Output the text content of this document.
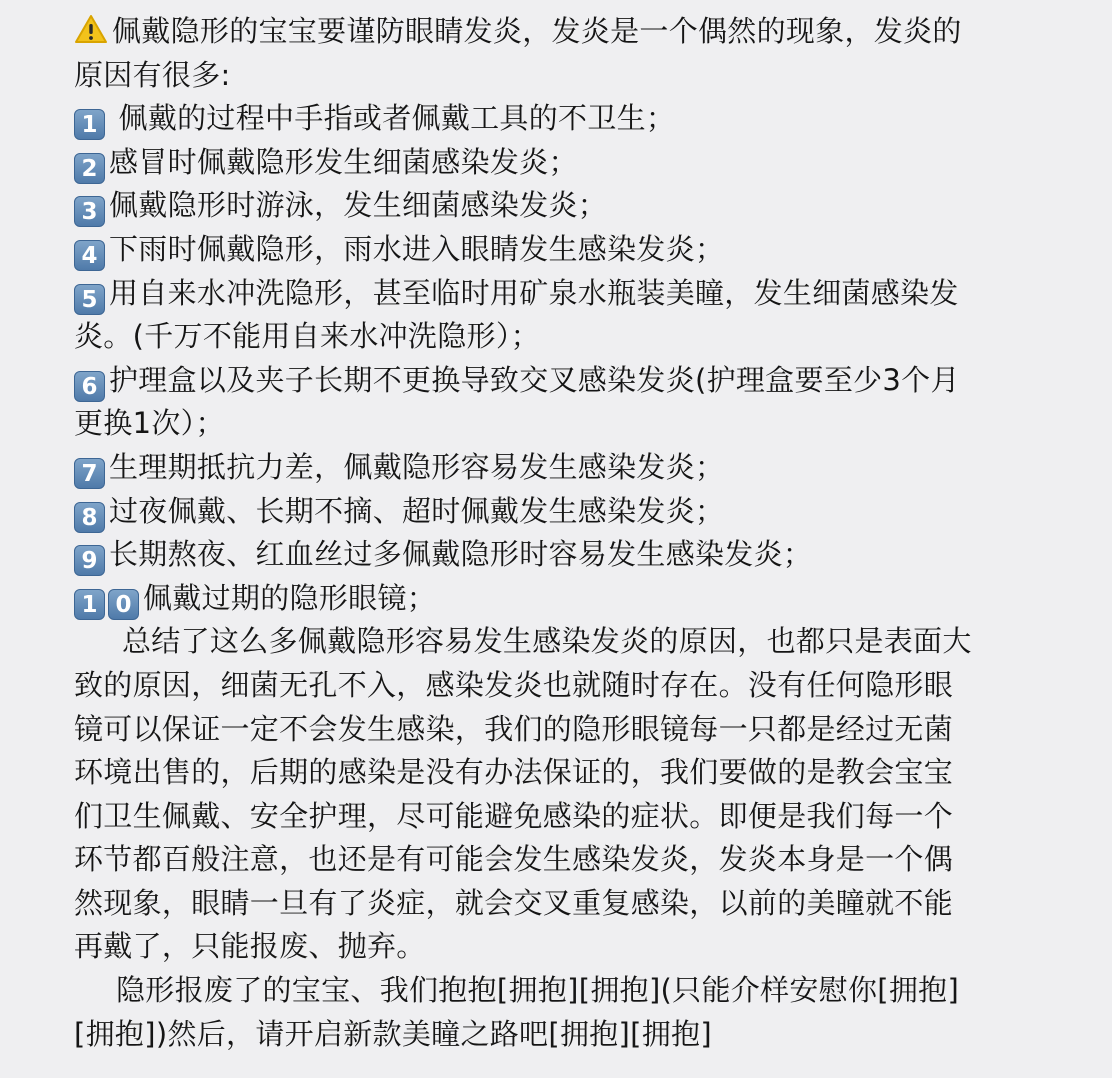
佩戴隐形的宝宝要谨防眼睛发炎，发炎是一个偶然的现象，发炎的
原因有很多:
1 佩戴的过程中手指或者佩戴工具的不卫生；
2 感冒时佩戴隐形发生细菌感染发炎；
3 佩戴隐形时游泳，发生细菌感染发炎；
4 下雨时佩戴隐形，雨水进入眼睛发生感染发炎；
5 用自来水冲洗隐形，甚至临时用矿泉水瓶装美瞳，发生细菌感染发
炎。(千万不能用自来水冲洗隐形）；
6 护理盒以及夹子长期不更换导致交叉感染发炎(护理盒要至少3个月
更换1次）；
7 生理期抵抗力差，佩戴隐形容易发生感染发炎；
8 过夜佩戴、长期不摘、超时佩戴发生感染发炎；
9 长期熬夜、红血丝过多佩戴隐形时容易发生感染发炎；
1 0 佩戴过期的隐形眼镜；
总结了这么多佩戴隐形容易发生感染发炎的原因，也都只是表面大
致的原因，细菌无孔不入，感染发炎也就随时存在。没有任何隐形眼
镜可以保证一定不会发生感染，我们的隐形眼镜每一只都是经过无菌
环境出售的，后期的感染是没有办法保证的，我们要做的是教会宝宝
们卫生佩戴、安全护理，尽可能避免感染的症状。即便是我们每一个
环节都百般注意，也还是有可能会发生感染发炎，发炎本身是一个偶
然现象，眼睛一旦有了炎症，就会交叉重复感染，以前的美瞳就不能
再戴了，只能报废、抛弃。
隐形报废了的宝宝、我们抱抱[拥抱][拥抱](只能介样安慰你[拥抱]
[拥抱])然后，请开启新款美瞳之路吧[拥抱][拥抱]
